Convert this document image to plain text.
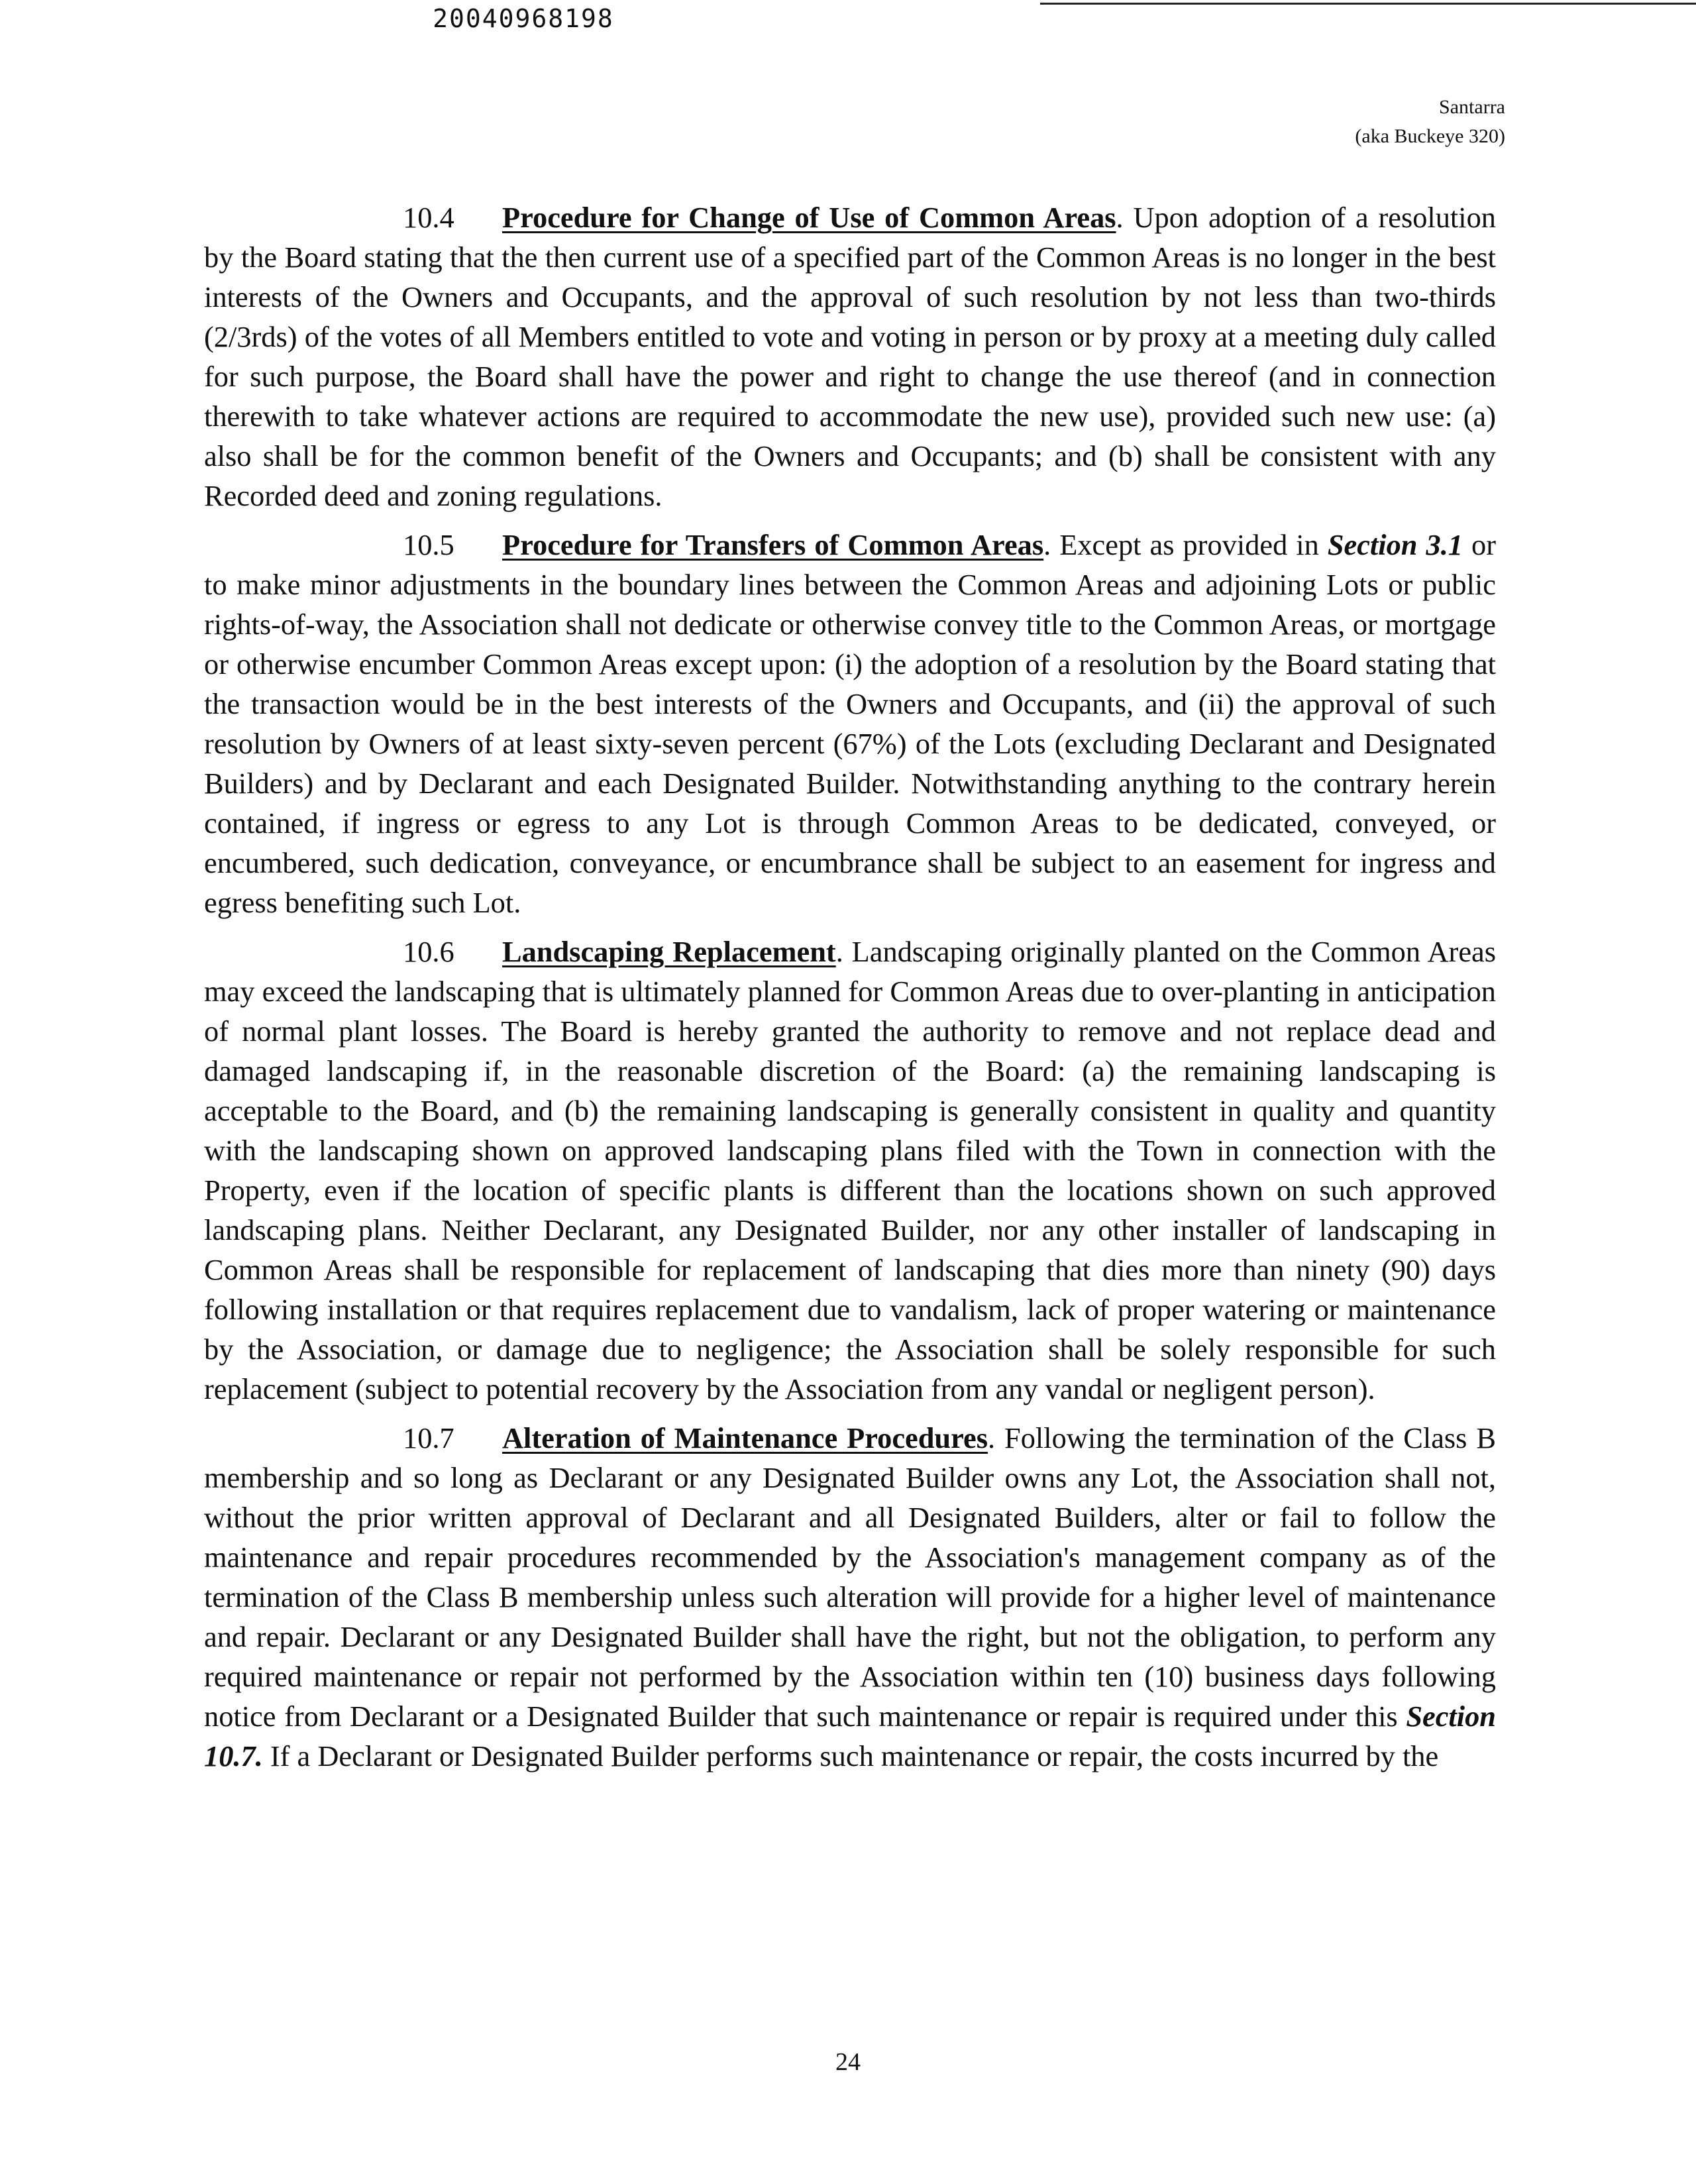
20040968198
Santarra
(aka Buckeye 320)

10.4 Procedure for Change of Use of Common Areas. Upon adoption of a resolution by the Board stating that the then current use of a specified part of the Common Areas is no longer in the best interests of the Owners and Occupants, and the approval of such resolution by not less than two-thirds (2/3rds) of the votes of all Members entitled to vote and voting in person or by proxy at a meeting duly called for such purpose, the Board shall have the power and right to change the use thereof (and in connection therewith to take whatever actions are required to accommodate the new use), provided such new use: (a) also shall be for the common benefit of the Owners and Occupants; and (b) shall be consistent with any Recorded deed and zoning regulations.

10.5 Procedure for Transfers of Common Areas. Except as provided in Section 3.1 or to make minor adjustments in the boundary lines between the Common Areas and adjoining Lots or public rights-of-way, the Association shall not dedicate or otherwise convey title to the Common Areas, or mortgage or otherwise encumber Common Areas except upon: (i) the adoption of a resolution by the Board stating that the transaction would be in the best interests of the Owners and Occupants, and (ii) the approval of such resolution by Owners of at least sixty-seven percent (67%) of the Lots (excluding Declarant and Designated Builders) and by Declarant and each Designated Builder. Notwithstanding anything to the contrary herein contained, if ingress or egress to any Lot is through Common Areas to be dedicated, conveyed, or encumbered, such dedication, conveyance, or encumbrance shall be subject to an easement for ingress and egress benefiting such Lot.

10.6 Landscaping Replacement. Landscaping originally planted on the Common Areas may exceed the landscaping that is ultimately planned for Common Areas due to over-planting in anticipation of normal plant losses. The Board is hereby granted the authority to remove and not replace dead and damaged landscaping if, in the reasonable discretion of the Board: (a) the remaining landscaping is acceptable to the Board, and (b) the remaining landscaping is generally consistent in quality and quantity with the landscaping shown on approved landscaping plans filed with the Town in connection with the Property, even if the location of specific plants is different than the locations shown on such approved landscaping plans. Neither Declarant, any Designated Builder, nor any other installer of landscaping in Common Areas shall be responsible for replacement of landscaping that dies more than ninety (90) days following installation or that requires replacement due to vandalism, lack of proper watering or maintenance by the Association, or damage due to negligence; the Association shall be solely responsible for such replacement (subject to potential recovery by the Association from any vandal or negligent person).

10.7 Alteration of Maintenance Procedures. Following the termination of the Class B membership and so long as Declarant or any Designated Builder owns any Lot, the Association shall not, without the prior written approval of Declarant and all Designated Builders, alter or fail to follow the maintenance and repair procedures recommended by the Association's management company as of the termination of the Class B membership unless such alteration will provide for a higher level of maintenance and repair. Declarant or any Designated Builder shall have the right, but not the obligation, to perform any required maintenance or repair not performed by the Association within ten (10) business days following notice from Declarant or a Designated Builder that such maintenance or repair is required under this Section 10.7. If a Declarant or Designated Builder performs such maintenance or repair, the costs incurred by the

24
